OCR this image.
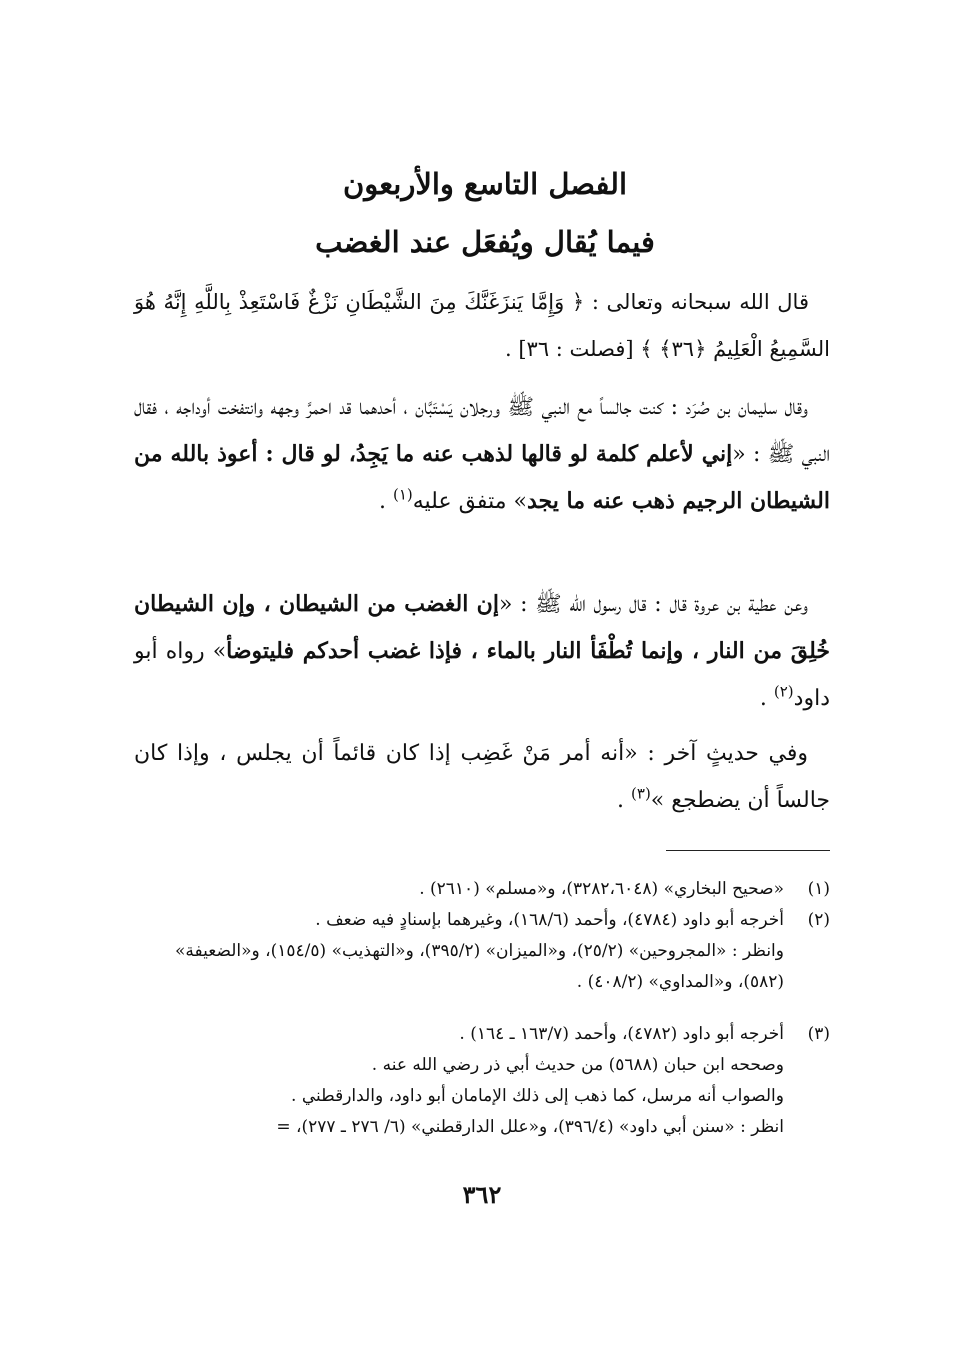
الفصل التاسع والأربعون
فيما يُقال ويُفعَل عند الغضب
 قال الله سبحانه وتعالى : ﴿ وَإِمَّا يَنزَغَنَّكَ مِنَ الشَّيْطَانِ نَزْغٌ فَاسْتَعِذْ بِاللَّهِ إِنَّهُ هُوَ السَّمِيعُ الْعَلِيمُ ﴿٣٦﴾ ﴾ [فصلت : ٣٦] .
 وقال سليمان بن صُرَد : كنت جالساً مع النبي ﷺ ورجلان يَسْتَبَّان ، أحدهما قد احمرَّ وجهه وانتفخت أوداجه ، فقال النبي ﷺ : «إني لأعلم كلمة لو قالها لذهب عنه ما يَجِدُ، لو قال : أعوذ بالله من الشيطان الرجيم ذهب عنه ما يجد» متفق عليه$^{(١)}$ .
 وعن عطية بن عروة قال : قال رسول الله ﷺ : «إن الغضب من الشيطان ، وإن الشيطان خُلِقَ من النار ، وإنما تُطْفَأ النار بالماء ، فإذا غضب أحدكم فليتوضأ» رواه أبو داود$^{(٢)}$ .
 وفي حديثٍ آخر : «أنه أمر مَنْ غَضِب إذا كان قائماً أن يجلس ، وإذا كان جالساً أن يضطجع »$^{(٣)}$ .
(١)«صحيح البخاري» (٣٢٨٢،٦٠٤٨)، و«مسلم» (٢٦١٠) .
(٢)أخرجه أبو داود (٤٧٨٤)، وأحمد (١٦٨/٦)، وغيرهما بإسنادٍ فيه ضعف .
وانظر : «المجروحين» (٢٥/٢)، و«الميزان» (٣٩٥/٢)، و«التهذيب» (١٥٤/٥)، و«الضعيفة» (٥٨٢)، و«المداوي» (٤٠٨/٢) .
(٣)أخرجه أبو داود (٤٧٨٢)، وأحمد (١٦٣/٧ ـ ١٦٤) .
وصححه ابن حبان (٥٦٨٨) من حديث أبي ذر رضي الله عنه .
والصواب أنه مرسل، كما ذهب إلى ذلك الإمامان أبو داود، والدارقطني .
انظر : «سنن أبي داود» (٣٩٦/٤)، و«علل الدارقطني» (٦/ ٢٧٦ ـ ٢٧٧)، =
٣٦٢
